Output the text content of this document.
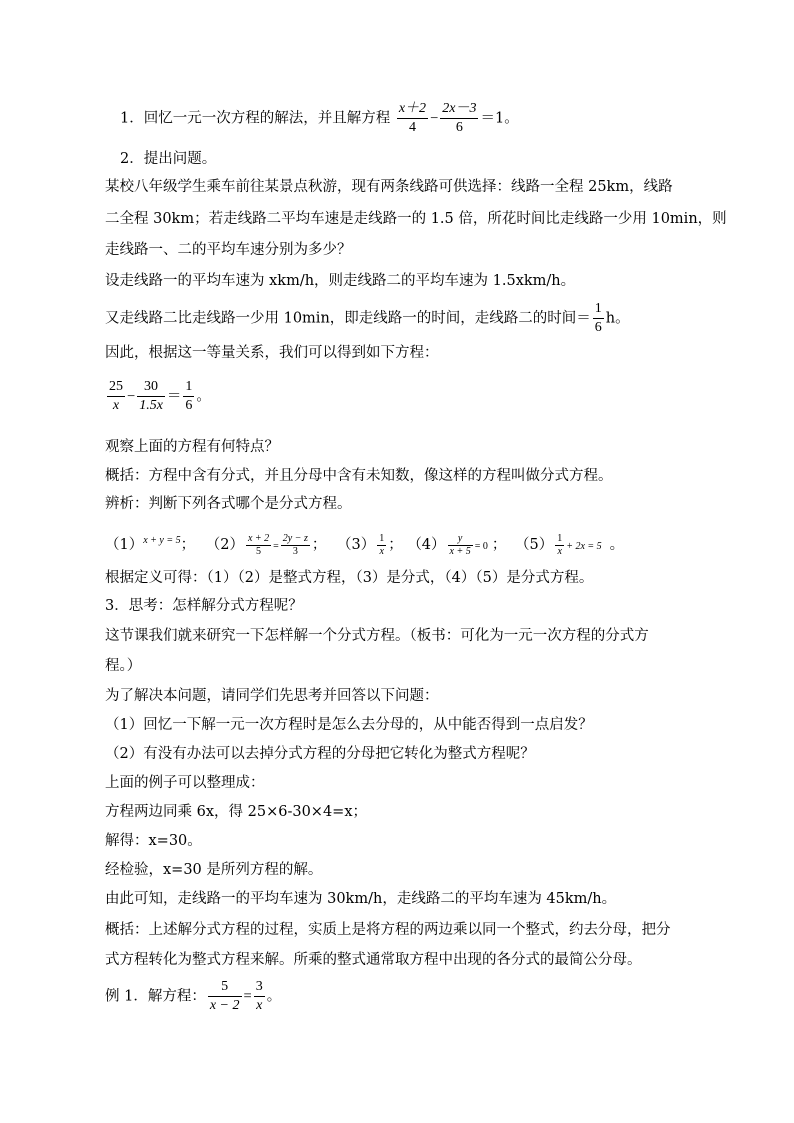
1．回忆一元一次方程的解法，并且解方程 $\frac{x+2}{4} - \frac{2x-3}{6} =1$。
2．提出问题。
某校八年级学生乘车前往某景点秋游，现有两条线路可供选择：线路一全程 25km，线路
二全程 30km；若走线路二平均车速是走线路一的 1.5 倍，所花时间比走线路一少用 10min，则
走线路一、二的平均车速分别为多少？
设走线路一的平均车速为 xkm/h，则走线路二的平均车速为 1.5xkm/h。
又走线路二比走线路一少用 10min，即走线路一的时间，走线路二的时间＝ $\frac{1}{6}$ h。
因此，根据这一等量关系，我们可以得到如下方程：
$\frac{25}{x} - \frac{30}{1.5x} = \frac{1}{6}$ 。
观察上面的方程有何特点？
概括：方程中含有分式，并且分母中含有未知数，像这样的方程叫做分式方程。
辨析：判断下列各式哪个是分式方程。
$(1)^{x + y = 5}$； $(2) \frac{x + 2}{5} = \frac{2y - z}{3}$ ； $(3) \frac{1}{x}$ ； $(4) \frac{y}{x + 5} = 0$ ； $(5) \frac{1}{x} + 2x = 5$ 。
根据定义可得：（1）（2）是整式方程，（3）是分式，（4）（5）是分式方程。
3．思考：怎样解分式方程呢？
这节课我们就来研究一下怎样解一个分式方程。（板书：可化为一元一次方程的分式方
程。）
为了解决本问题，请同学们先思考并回答以下问题：
（1）回忆一下解一元一次方程时是怎么去分母的，从中能否得到一点启发？
（2）有没有办法可以去掉分式方程的分母把它转化为整式方程呢？
上面的例子可以整理成：
方程两边同乘 6x，得 25×6-30×4=x；
解得：x=30。
经检验，x=30 是所列方程的解。
由此可知，走线路一的平均车速为 30km/h，走线路二的平均车速为 45km/h。
概括：上述解分式方程的过程，实质上是将方程的两边乘以同一个整式，约去分母，把分
式方程转化为整式方程来解。所乘的整式通常取方程中出现的各分式的最简公分母。
例 1．解方程： $\frac{5}{x - 2} = \frac{3}{x}$ 。
